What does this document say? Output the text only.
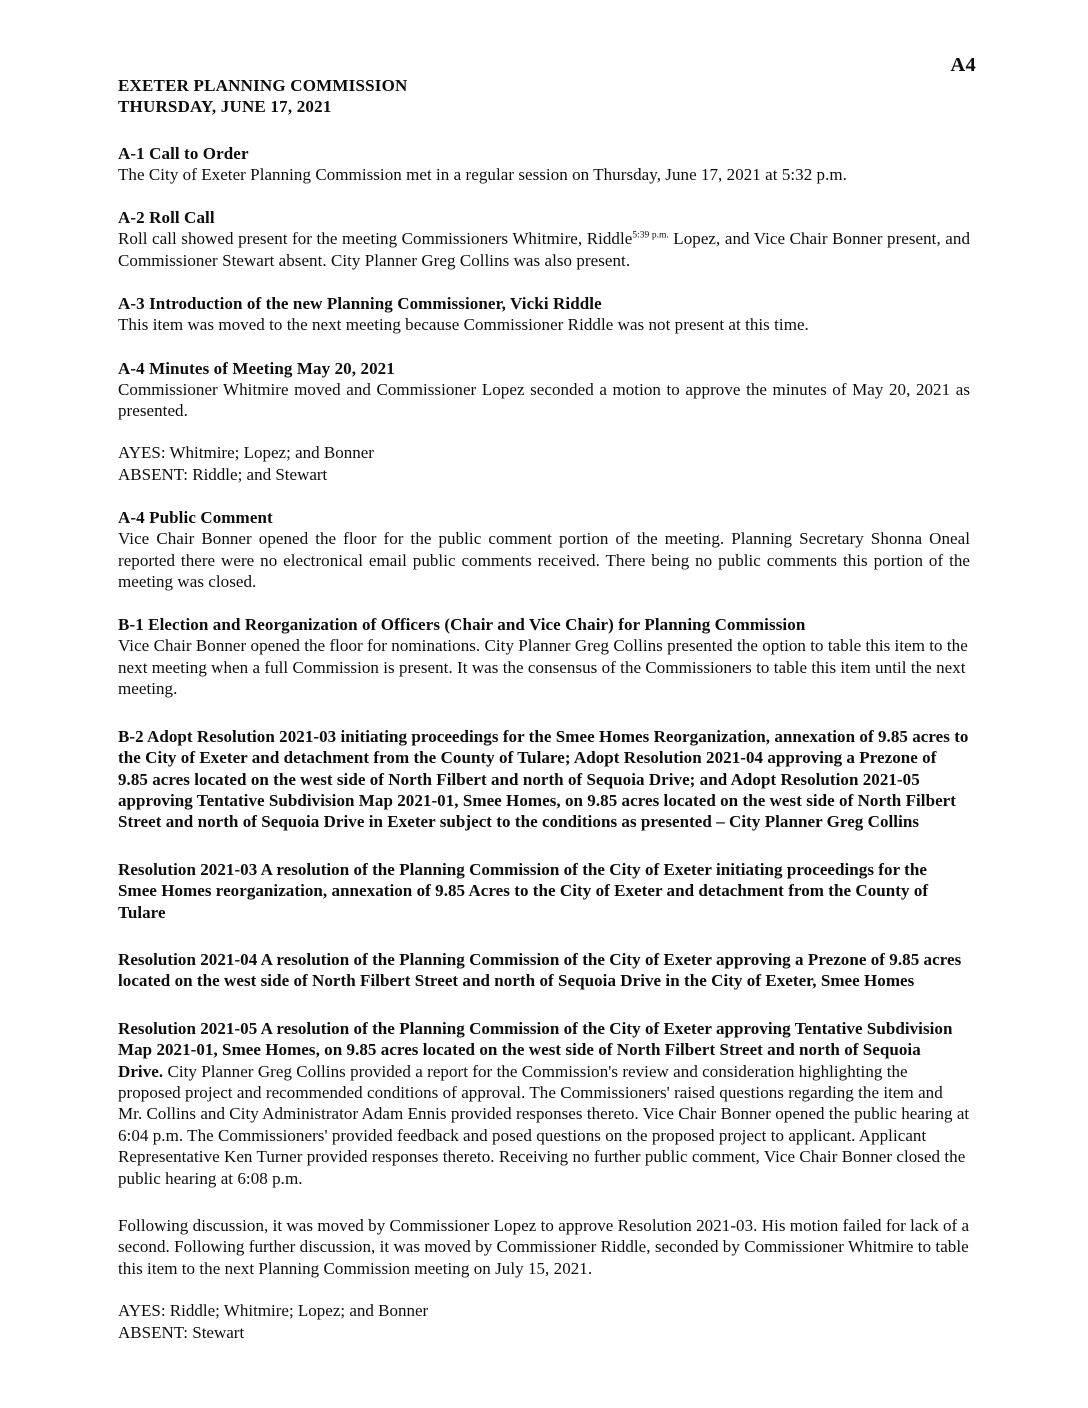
A4
EXETER PLANNING COMMISSION
THURSDAY, JUNE 17, 2021
A-1 Call to Order
The City of Exeter Planning Commission met in a regular session on Thursday, June 17, 2021 at 5:32 p.m.
A-2 Roll Call
Roll call showed present for the meeting Commissioners Whitmire, Riddle$^{5:39 p.m.}$ Lopez, and Vice Chair Bonner present, and Commissioner Stewart absent. City Planner Greg Collins was also present.
A-3 Introduction of the new Planning Commissioner, Vicki Riddle
This item was moved to the next meeting because Commissioner Riddle was not present at this time.
A-4 Minutes of Meeting May 20, 2021
Commissioner Whitmire moved and Commissioner Lopez seconded a motion to approve the minutes of May 20, 2021 as presented.
AYES: Whitmire; Lopez; and Bonner
ABSENT: Riddle; and Stewart
A-4 Public Comment
Vice Chair Bonner opened the floor for the public comment portion of the meeting. Planning Secretary Shonna Oneal reported there were no electronical email public comments received. There being no public comments this portion of the meeting was closed.
B-1 Election and Reorganization of Officers (Chair and Vice Chair) for Planning Commission
Vice Chair Bonner opened the floor for nominations. City Planner Greg Collins presented the option to table this item to the next meeting when a full Commission is present. It was the consensus of the Commissioners to table this item until the next meeting.
B-2 Adopt Resolution 2021-03 initiating proceedings for the Smee Homes Reorganization, annexation of 9.85 acres to the City of Exeter and detachment from the County of Tulare; Adopt Resolution 2021-04 approving a Prezone of 9.85 acres located on the west side of North Filbert and north of Sequoia Drive; and Adopt Resolution 2021-05 approving Tentative Subdivision Map 2021-01, Smee Homes, on 9.85 acres located on the west side of North Filbert Street and north of Sequoia Drive in Exeter subject to the conditions as presented – City Planner Greg Collins
Resolution 2021-03 A resolution of the Planning Commission of the City of Exeter initiating proceedings for the Smee Homes reorganization, annexation of 9.85 Acres to the City of Exeter and detachment from the County of Tulare
Resolution 2021-04 A resolution of the Planning Commission of the City of Exeter approving a Prezone of 9.85 acres located on the west side of North Filbert Street and north of Sequoia Drive in the City of Exeter, Smee Homes
Resolution 2021-05 A resolution of the Planning Commission of the City of Exeter approving Tentative Subdivision Map 2021-01, Smee Homes, on 9.85 acres located on the west side of North Filbert Street and north of Sequoia Drive. City Planner Greg Collins provided a report for the Commission's review and consideration highlighting the proposed project and recommended conditions of approval. The Commissioners' raised questions regarding the item and Mr. Collins and City Administrator Adam Ennis provided responses thereto. Vice Chair Bonner opened the public hearing at 6:04 p.m. The Commissioners' provided feedback and posed questions on the proposed project to applicant. Applicant Representative Ken Turner provided responses thereto. Receiving no further public comment, Vice Chair Bonner closed the public hearing at 6:08 p.m.
Following discussion, it was moved by Commissioner Lopez to approve Resolution 2021-03. His motion failed for lack of a second. Following further discussion, it was moved by Commissioner Riddle, seconded by Commissioner Whitmire to table this item to the next Planning Commission meeting on July 15, 2021.
AYES: Riddle; Whitmire; Lopez; and Bonner
ABSENT: Stewart
